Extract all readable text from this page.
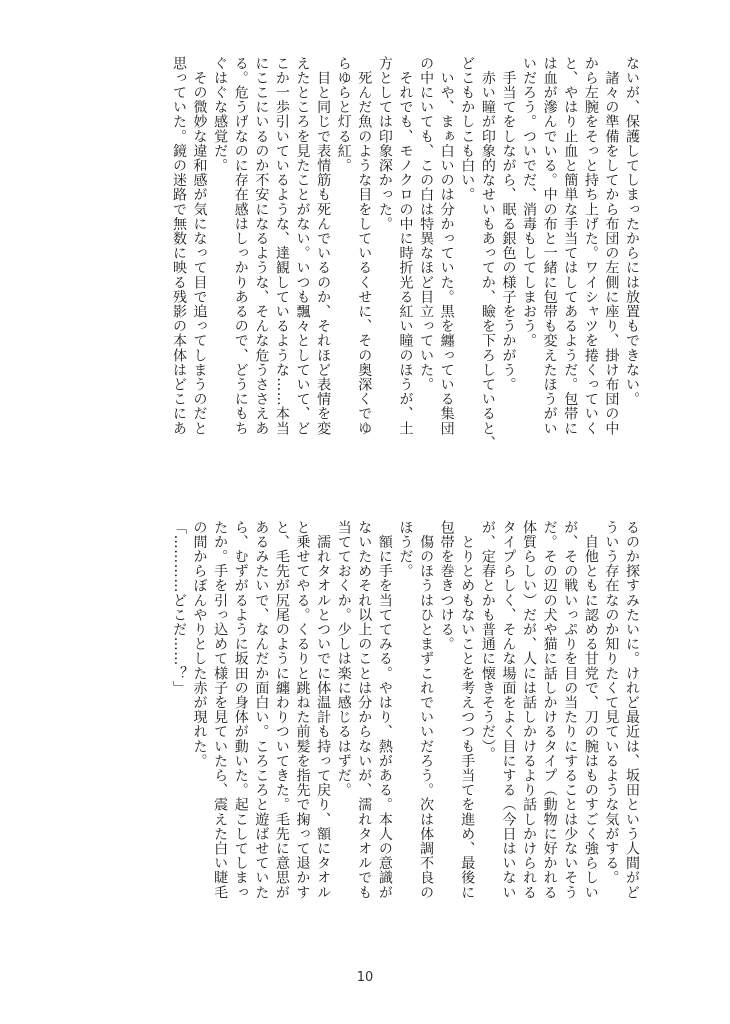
ないが、保護してしまったからには放置もできない。
　諸々の準備をしてから布団の左側に座り、掛け布団の中
から左腕をそっと持ち上げた。ワイシャツを捲くっていく
と、やはり止血と簡単な手当てはしてあるようだ。包帯に
は血が滲んでいる。中の布と一緒に包帯も変えたほうがい
いだろう。ついでだ、消毒もしてしまおう。
　手当てをしながら、眠る銀色の様子をうかがう。
　赤い瞳が印象的なせいもあってか、瞼を下ろしていると、
どこもかしこも白い。
　いや、まぁ白いのは分かっていた。黒を纏っている集団
の中にいても、この白は特異なほど目立っていた。
　それでも、モノクロの中に時折光る紅い瞳のほうが、土
方としては印象深かった。
　死んだ魚のような目をしているくせに、その奥深くでゆ
らゆらと灯る紅。
　目と同じで表情筋も死んでいるのか、それほど表情を変
えたところを見たことがない。いつも飄々としていて、ど
こか一歩引いているような、達観しているような……本当
にここにいるのか不安になるような、そんな危うささえあ
る。危うげなのに存在感はしっかりあるので、どうにもち
ぐはぐな感覚だ。
　その微妙な違和感が気になって目で追ってしまうのだと
思っていた。鏡の迷路で無数に映る残影の本体はどこにあ
るのか探すみたいに。けれど最近は、坂田という人間がど
ういう存在なのか知りたくて見ているような気がする。
　自他ともに認める甘党で、刀の腕はものすごく強らしい
が、その戦いっぷりを目の当たりにすることは少ないそう
だ。その辺の犬や猫に話しかけるタイプ（動物に好かれる
体質らしい）だが、人には話しかけるより話しかけられる
タイプらしく、そんな場面をよく目にする（今日はいない
が、定春とかも普通に懐きそうだ）。
　とりとめもないことを考えつつも手当てを進め、最後に
包帯を巻きつける。
　傷のほうはひとまずこれでいいだろう。次は体調不良の
ほうだ。
　額に手を当ててみる。やはり、熱がある。本人の意識が
ないためそれ以上のことは分からないが、濡れタオルでも
当てておくか。少しは楽に感じるはずだ。
　濡れタオルとついでに体温計も持って戻り、額にタオル
と乗せてやる。くるりと跳ねた前髪を指先で掬って退かす
と、毛先が尻尾のように纏わりついてきた。毛先に意思が
あるみたいで、なんだか面白い。ころころと遊ばせていた
ら、むずがるように坂田の身体が動いた。起こしてしまっ
たか。手を引っ込めて様子を見ていたら、震えた白い睫毛
の間からぼんやりとした赤が現れた。
「…………どこだ……？」
10
